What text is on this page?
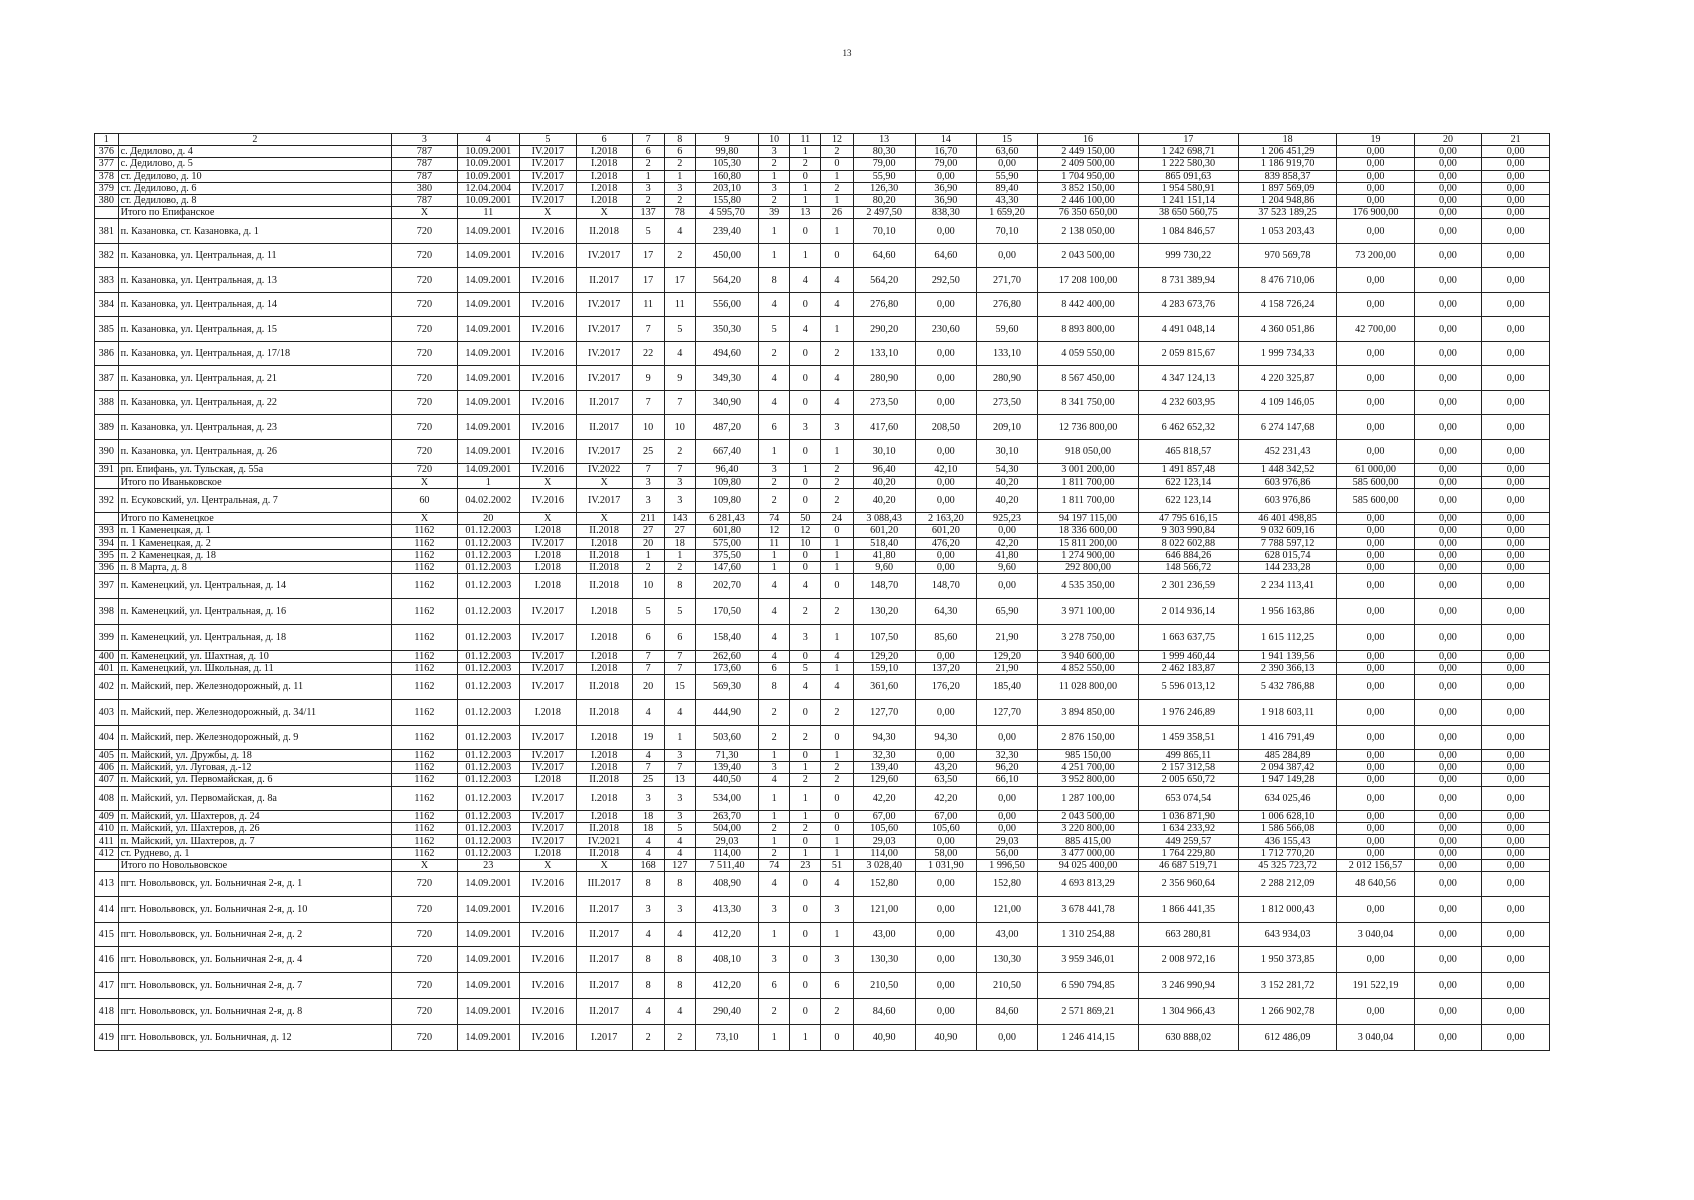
13
1	2	3	4	5	6	7	8	9	10	11	12	13	14	15	16	17	18	19	20	21
376	с. Дедилово, д. 4	787	10.09.2001	IV.2017	I.2018	6	6	99,80	3	1	2	80,30	16,70	63,60	2 449 150,00	1 242 698,71	1 206 451,29	0,00	0,00	0,00
377	с. Дедилово, д. 5	787	10.09.2001	IV.2017	I.2018	2	2	105,30	2	2	0	79,00	79,00	0,00	2 409 500,00	1 222 580,30	1 186 919,70	0,00	0,00	0,00
378	ст. Дедилово, д. 10	787	10.09.2001	IV.2017	I.2018	1	1	160,80	1	0	1	55,90	0,00	55,90	1 704 950,00	865 091,63	839 858,37	0,00	0,00	0,00
379	ст. Дедилово, д. 6	380	12.04.2004	IV.2017	I.2018	3	3	203,10	3	1	2	126,30	36,90	89,40	3 852 150,00	1 954 580,91	1 897 569,09	0,00	0,00	0,00
380	ст. Дедилово, д. 8	787	10.09.2001	IV.2017	I.2018	2	2	155,80	2	1	1	80,20	36,90	43,30	2 446 100,00	1 241 151,14	1 204 948,86	0,00	0,00	0,00
	Итого по Епифанское	X	11	X	X	137	78	4 595,70	39	13	26	2 497,50	838,30	1 659,20	76 350 650,00	38 650 560,75	37 523 189,25	176 900,00	0,00	0,00
381	п. Казановка, ст. Казановка, д. 1	720	14.09.2001	IV.2016	II.2018	5	4	239,40	1	0	1	70,10	0,00	70,10	2 138 050,00	1 084 846,57	1 053 203,43	0,00	0,00	0,00
382	п. Казановка, ул. Центральная, д. 11	720	14.09.2001	IV.2016	IV.2017	17	2	450,00	1	1	0	64,60	64,60	0,00	2 043 500,00	999 730,22	970 569,78	73 200,00	0,00	0,00
383	п. Казановка, ул. Центральная, д. 13	720	14.09.2001	IV.2016	II.2017	17	17	564,20	8	4	4	564,20	292,50	271,70	17 208 100,00	8 731 389,94	8 476 710,06	0,00	0,00	0,00
384	п. Казановка, ул. Центральная, д. 14	720	14.09.2001	IV.2016	IV.2017	11	11	556,00	4	0	4	276,80	0,00	276,80	8 442 400,00	4 283 673,76	4 158 726,24	0,00	0,00	0,00
385	п. Казановка, ул. Центральная, д. 15	720	14.09.2001	IV.2016	IV.2017	7	5	350,30	5	4	1	290,20	230,60	59,60	8 893 800,00	4 491 048,14	4 360 051,86	42 700,00	0,00	0,00
386	п. Казановка, ул. Центральная, д. 17/18	720	14.09.2001	IV.2016	IV.2017	22	4	494,60	2	0	2	133,10	0,00	133,10	4 059 550,00	2 059 815,67	1 999 734,33	0,00	0,00	0,00
387	п. Казановка, ул. Центральная, д. 21	720	14.09.2001	IV.2016	IV.2017	9	9	349,30	4	0	4	280,90	0,00	280,90	8 567 450,00	4 347 124,13	4 220 325,87	0,00	0,00	0,00
388	п. Казановка, ул. Центральная, д. 22	720	14.09.2001	IV.2016	II.2017	7	7	340,90	4	0	4	273,50	0,00	273,50	8 341 750,00	4 232 603,95	4 109 146,05	0,00	0,00	0,00
389	п. Казановка, ул. Центральная, д. 23	720	14.09.2001	IV.2016	II.2017	10	10	487,20	6	3	3	417,60	208,50	209,10	12 736 800,00	6 462 652,32	6 274 147,68	0,00	0,00	0,00
390	п. Казановка, ул. Центральная, д. 26	720	14.09.2001	IV.2016	IV.2017	25	2	667,40	1	0	1	30,10	0,00	30,10	918 050,00	465 818,57	452 231,43	0,00	0,00	0,00
391	рп. Епифань, ул. Тульская, д. 55а	720	14.09.2001	IV.2016	IV.2022	7	7	96,40	3	1	2	96,40	42,10	54,30	3 001 200,00	1 491 857,48	1 448 342,52	61 000,00	0,00	0,00
	Итого по Иваньковское	X	1	X	X	3	3	109,80	2	0	2	40,20	0,00	40,20	1 811 700,00	622 123,14	603 976,86	585 600,00	0,00	0,00
392	п. Есуковский, ул. Центральная, д. 7	60	04.02.2002	IV.2016	IV.2017	3	3	109,80	2	0	2	40,20	0,00	40,20	1 811 700,00	622 123,14	603 976,86	585 600,00	0,00	0,00
	Итого по Каменецкое	X	20	X	X	211	143	6 281,43	74	50	24	3 088,43	2 163,20	925,23	94 197 115,00	47 795 616,15	46 401 498,85	0,00	0,00	0,00
393	п. 1 Каменецкая, д. 1	1162	01.12.2003	I.2018	II.2018	27	27	601,80	12	12	0	601,20	601,20	0,00	18 336 600,00	9 303 990,84	9 032 609,16	0,00	0,00	0,00
394	п. 1 Каменецкая, д. 2	1162	01.12.2003	IV.2017	I.2018	20	18	575,00	11	10	1	518,40	476,20	42,20	15 811 200,00	8 022 602,88	7 788 597,12	0,00	0,00	0,00
395	п. 2 Каменецкая, д. 18	1162	01.12.2003	I.2018	II.2018	1	1	375,50	1	0	1	41,80	0,00	41,80	1 274 900,00	646 884,26	628 015,74	0,00	0,00	0,00
396	п. 8 Марта, д. 8	1162	01.12.2003	I.2018	II.2018	2	2	147,60	1	0	1	9,60	0,00	9,60	292 800,00	148 566,72	144 233,28	0,00	0,00	0,00
397	п. Каменецкий, ул. Центральная, д. 14	1162	01.12.2003	I.2018	II.2018	10	8	202,70	4	4	0	148,70	148,70	0,00	4 535 350,00	2 301 236,59	2 234 113,41	0,00	0,00	0,00
398	п. Каменецкий, ул. Центральная, д. 16	1162	01.12.2003	IV.2017	I.2018	5	5	170,50	4	2	2	130,20	64,30	65,90	3 971 100,00	2 014 936,14	1 956 163,86	0,00	0,00	0,00
399	п. Каменецкий, ул. Центральная, д. 18	1162	01.12.2003	IV.2017	I.2018	6	6	158,40	4	3	1	107,50	85,60	21,90	3 278 750,00	1 663 637,75	1 615 112,25	0,00	0,00	0,00
400	п. Каменецкий, ул. Шахтная, д. 10	1162	01.12.2003	IV.2017	I.2018	7	7	262,60	4	0	4	129,20	0,00	129,20	3 940 600,00	1 999 460,44	1 941 139,56	0,00	0,00	0,00
401	п. Каменецкий, ул. Школьная, д. 11	1162	01.12.2003	IV.2017	I.2018	7	7	173,60	6	5	1	159,10	137,20	21,90	4 852 550,00	2 462 183,87	2 390 366,13	0,00	0,00	0,00
402	п. Майский, пер. Железнодорожный, д. 11	1162	01.12.2003	IV.2017	II.2018	20	15	569,30	8	4	4	361,60	176,20	185,40	11 028 800,00	5 596 013,12	5 432 786,88	0,00	0,00	0,00
403	п. Майский, пер. Железнодорожный, д. 34/11	1162	01.12.2003	I.2018	II.2018	4	4	444,90	2	0	2	127,70	0,00	127,70	3 894 850,00	1 976 246,89	1 918 603,11	0,00	0,00	0,00
404	п. Майский, пер. Железнодорожный, д. 9	1162	01.12.2003	IV.2017	I.2018	19	1	503,60	2	2	0	94,30	94,30	0,00	2 876 150,00	1 459 358,51	1 416 791,49	0,00	0,00	0,00
405	п. Майский, ул. Дружбы, д. 18	1162	01.12.2003	IV.2017	I.2018	4	3	71,30	1	0	1	32,30	0,00	32,30	985 150,00	499 865,11	485 284,89	0,00	0,00	0,00
406	п. Майский, ул. Луговая, д.-12	1162	01.12.2003	IV.2017	I.2018	7	7	139,40	3	1	2	139,40	43,20	96,20	4 251 700,00	2 157 312,58	2 094 387,42	0,00	0,00	0,00
407	п. Майский, ул. Первомайская, д. 6	1162	01.12.2003	I.2018	II.2018	25	13	440,50	4	2	2	129,60	63,50	66,10	3 952 800,00	2 005 650,72	1 947 149,28	0,00	0,00	0,00
408	п. Майский, ул. Первомайская, д. 8а	1162	01.12.2003	IV.2017	I.2018	3	3	534,00	1	1	0	42,20	42,20	0,00	1 287 100,00	653 074,54	634 025,46	0,00	0,00	0,00
409	п. Майский, ул. Шахтеров, д. 24	1162	01.12.2003	IV.2017	I.2018	18	3	263,70	1	1	0	67,00	67,00	0,00	2 043 500,00	1 036 871,90	1 006 628,10	0,00	0,00	0,00
410	п. Майский, ул. Шахтеров, д. 26	1162	01.12.2003	IV.2017	II.2018	18	5	504,00	2	2	0	105,60	105,60	0,00	3 220 800,00	1 634 233,92	1 586 566,08	0,00	0,00	0,00
411	п. Майский, ул. Шахтеров, д. 7	1162	01.12.2003	IV.2017	IV.2021	4	4	29,03	1	0	1	29,03	0,00	29,03	885 415,00	449 259,57	436 155,43	0,00	0,00	0,00
412	ст. Руднево, д. 1	1162	01.12.2003	I.2018	II.2018	4	4	114,00	2	1	1	114,00	58,00	56,00	3 477 000,00	1 764 229,80	1 712 770,20	0,00	0,00	0,00
	Итого по Новольвовское	X	23	X	X	168	127	7 511,40	74	23	51	3 028,40	1 031,90	1 996,50	94 025 400,00	46 687 519,71	45 325 723,72	2 012 156,57	0,00	0,00
413	пгт. Новольвовск, ул. Больничная 2-я, д. 1	720	14.09.2001	IV.2016	III.2017	8	8	408,90	4	0	4	152,80	0,00	152,80	4 693 813,29	2 356 960,64	2 288 212,09	48 640,56	0,00	0,00
414	пгт. Новольвовск, ул. Больничная 2-я, д. 10	720	14.09.2001	IV.2016	II.2017	3	3	413,30	3	0	3	121,00	0,00	121,00	3 678 441,78	1 866 441,35	1 812 000,43	0,00	0,00	0,00
415	пгт. Новольвовск, ул. Больничная 2-я, д. 2	720	14.09.2001	IV.2016	II.2017	4	4	412,20	1	0	1	43,00	0,00	43,00	1 310 254,88	663 280,81	643 934,03	3 040,04	0,00	0,00
416	пгт. Новольвовск, ул. Больничная 2-я, д. 4	720	14.09.2001	IV.2016	II.2017	8	8	408,10	3	0	3	130,30	0,00	130,30	3 959 346,01	2 008 972,16	1 950 373,85	0,00	0,00	0,00
417	пгт. Новольвовск, ул. Больничная 2-я, д. 7	720	14.09.2001	IV.2016	II.2017	8	8	412,20	6	0	6	210,50	0,00	210,50	6 590 794,85	3 246 990,94	3 152 281,72	191 522,19	0,00	0,00
418	пгт. Новольвовск, ул. Больничная 2-я, д. 8	720	14.09.2001	IV.2016	II.2017	4	4	290,40	2	0	2	84,60	0,00	84,60	2 571 869,21	1 304 966,43	1 266 902,78	0,00	0,00	0,00
419	пгт. Новольвовск, ул. Больничная, д. 12	720	14.09.2001	IV.2016	I.2017	2	2	73,10	1	1	0	40,90	40,90	0,00	1 246 414,15	630 888,02	612 486,09	3 040,04	0,00	0,00
